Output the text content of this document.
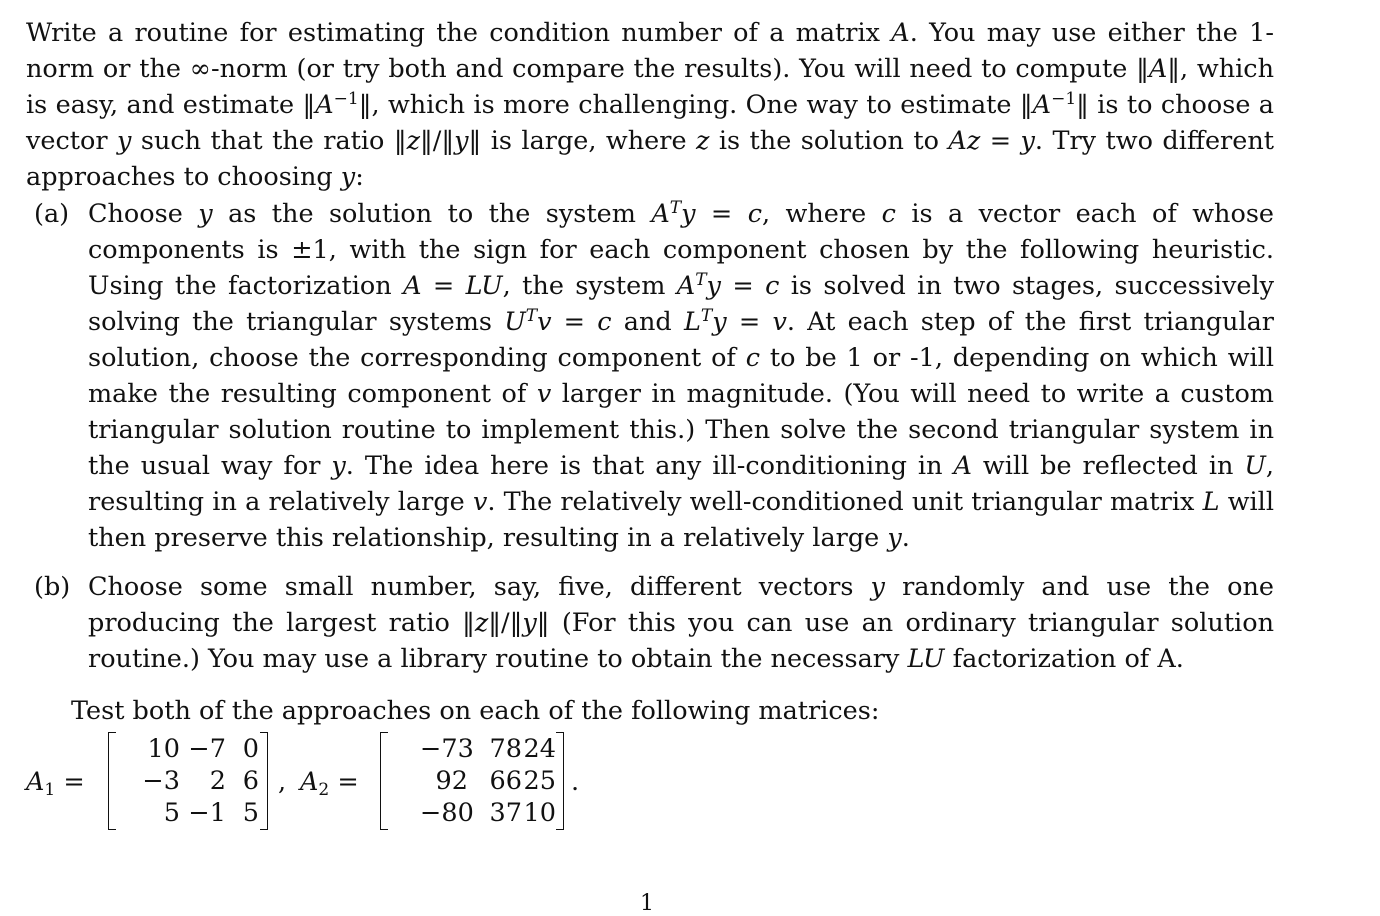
Write a routine for estimating the condition number of a matrix A. You may use either the 1-norm or the ∞-norm (or try both and compare the results). You will need to compute ‖A‖, which is easy, and estimate $‖A^{-1}‖$, which is more challenging. One way to estimate $‖A^{-1}‖$ is to choose a vector y such that the ratio ‖z‖/‖y‖ is large, where z is the solution to Az = y. Try two different approaches to choosing y:
(a) Choose y as the solution to the system $A^Ty = c$, where c is a vector each of whose components is ±1, with the sign for each component chosen by the following heuristic. Using the factorization A = LU, the system $A^Ty = c$ is solved in two stages, successively solving the triangular systems $U^Tv = c$ and $L^Ty = v$. At each step of the first triangular solution, choose the corresponding component of c to be 1 or -1, depending on which will make the resulting component of v larger in magnitude. (You will need to write a custom triangular solution routine to implement this.) Then solve the second triangular system in the usual way for y. The idea here is that any ill-conditioning in A will be reflected in U, resulting in a relatively large v. The relatively well-conditioned unit triangular matrix L will then preserve this relationship, resulting in a relatively large y.
(b) Choose some small number, say, five, different vectors y randomly and use the one producing the largest ratio ‖z‖/‖y‖ (For this you can use an ordinary triangular solution routine.) You may use a library routine to obtain the necessary LU factorization of A.
Test both of the approaches on each of the following matrices:
$A_1$ =
10 −7 0
−3	2 6
5 −1 5
, $A_2$ =
−73 78 24
92 66 25
−80 37 10
.
1
